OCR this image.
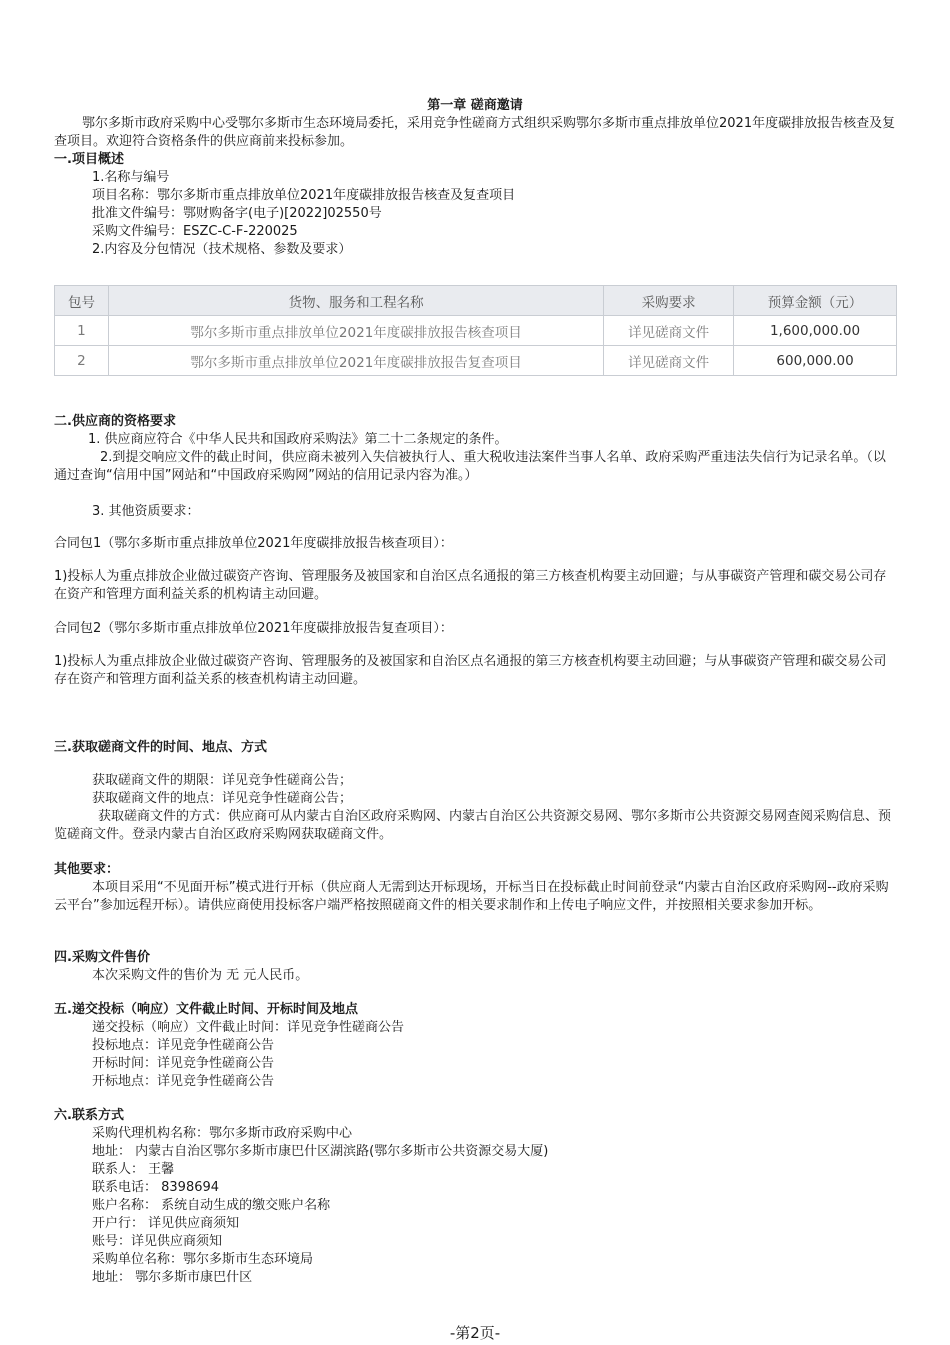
第一章 磋商邀请
鄂尔多斯市政府采购中心受鄂尔多斯市生态环境局委托，采用竞争性磋商方式组织采购鄂尔多斯市重点排放单位2021年度碳排放报告核查及复查项目。欢迎符合资格条件的供应商前来投标参加。
一.项目概述
1.名称与编号
项目名称：鄂尔多斯市重点排放单位2021年度碳排放报告核查及复查项目
批准文件编号：鄂财购备字(电子)[2022]02550号
采购文件编号：ESZC-C-F-220025
2.内容及分包情况（技术规格、参数及要求）
包号	货物、服务和工程名称	采购要求	预算金额（元）
1	鄂尔多斯市重点排放单位2021年度碳排放报告核查项目	详见磋商文件	1,600,000.00
2	鄂尔多斯市重点排放单位2021年度碳排放报告复查项目	详见磋商文件	600,000.00
二.供应商的资格要求
1. 供应商应符合《中华人民共和国政府采购法》第二十二条规定的条件。
2.到提交响应文件的截止时间，供应商未被列入失信被执行人、重大税收违法案件当事人名单、政府采购严重违法失信行为记录名单。（以通过查询“信用中国”网站和“中国政府采购网”网站的信用记录内容为准。）
3. 其他资质要求：
合同包1（鄂尔多斯市重点排放单位2021年度碳排放报告核查项目）：
1)投标人为重点排放企业做过碳资产咨询、管理服务及被国家和自治区点名通报的第三方核查机构要主动回避；与从事碳资产管理和碳交易公司存在资产和管理方面利益关系的机构请主动回避。
合同包2（鄂尔多斯市重点排放单位2021年度碳排放报告复查项目）：
1)投标人为重点排放企业做过碳资产咨询、管理服务的及被国家和自治区点名通报的第三方核查机构要主动回避；与从事碳资产管理和碳交易公司存在资产和管理方面利益关系的核查机构请主动回避。
三.获取磋商文件的时间、地点、方式
获取磋商文件的期限：详见竞争性磋商公告；
获取磋商文件的地点：详见竞争性磋商公告；
获取磋商文件的方式：供应商可从内蒙古自治区政府采购网、内蒙古自治区公共资源交易网、鄂尔多斯市公共资源交易网查阅采购信息、预览磋商文件。登录内蒙古自治区政府采购网获取磋商文件。
其他要求：
本项目采用“不见面开标”模式进行开标（供应商人无需到达开标现场，开标当日在投标截止时间前登录“内蒙古自治区政府采购网--政府采购云平台”参加远程开标）。请供应商使用投标客户端严格按照磋商文件的相关要求制作和上传电子响应文件，并按照相关要求参加开标。
四.采购文件售价
本次采购文件的售价为 无 元人民币。
五.递交投标（响应）文件截止时间、开标时间及地点
递交投标（响应）文件截止时间：详见竞争性磋商公告
投标地点：详见竞争性磋商公告
开标时间：详见竞争性磋商公告
开标地点：详见竞争性磋商公告
六.联系方式
采购代理机构名称：鄂尔多斯市政府采购中心
地址： 内蒙古自治区鄂尔多斯市康巴什区湖滨路(鄂尔多斯市公共资源交易大厦)
联系人： 王馨
联系电话： 8398694
账户名称： 系统自动生成的缴交账户名称
开户行： 详见供应商须知
账号：详见供应商须知
采购单位名称：鄂尔多斯市生态环境局
地址： 鄂尔多斯市康巴什区
-第2页-
